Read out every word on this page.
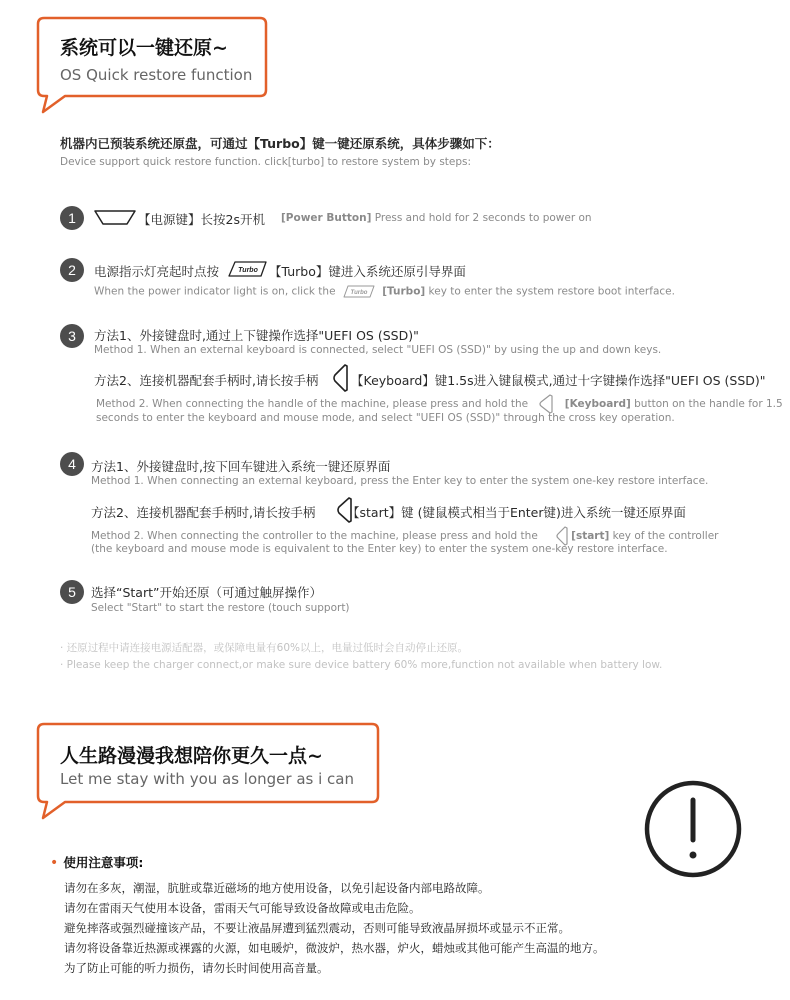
系统可以一键还原~
OS Quick restore function
机器内已预装系统还原盘，可通过【Turbo】键一键还原系统，具体步骤如下：
Device support quick restore function. click[turbo] to restore system by steps:
1	【电源键】长按2s开机 [Power Button] Press and hold for 2 seconds to power on
2	电源指示灯亮起时点按	Turbo 【Turbo】键进入系统还原引导界面
When the power indicator light is on, click the Turbo [Turbo] key to enter the system restore boot interface.
3	方法1、外接键盘时,通过上下键操作选择"UEFI OS (SSD)"
Method 1. When an external keyboard is connected, select "UEFI OS (SSD)" by using the up and down keys.
方法2、连接机器配套手柄时,请长按手柄	【Keyboard】键1.5s进入键鼠模式,通过十字键操作选择"UEFI OS (SSD)"
Method 2. When connecting the handle of the machine, please press and hold the	[Keyboard] button on the handle for 1.5
seconds to enter the keyboard and mouse mode, and select "UEFI OS (SSD)" through the cross key operation.
4	方法1、外接键盘时,按下回车键进入系统一键还原界面
Method 1. When connecting an external keyboard, press the Enter key to enter the system one-key restore interface.
方法2、连接机器配套手柄时,请长按手柄	【start】键 (键鼠模式相当于Enter键)进入系统一键还原界面
Method 2. When connecting the controller to the machine, please press and hold the	[start] key of the controller
(the keyboard and mouse mode is equivalent to the Enter key) to enter the system one-key restore interface.
5	选择“Start”开始还原（可通过触屏操作）
Select "Start" to start the restore (touch support)
· 还原过程中请连接电源适配器，或保障电量有60%以上，电量过低时会自动停止还原。
· Please keep the charger connect,or make sure device battery 60% more,function not available when battery low.
人生路漫漫我想陪你更久一点~
Let me stay with you as longer as i can
• 使用注意事项:
请勿在多灰，潮湿，肮脏或靠近磁场的地方使用设备，以免引起设备内部电路故障。
请勿在雷雨天气使用本设备，雷雨天气可能导致设备故障或电击危险。
避免摔落或强烈碰撞该产品，不要让液晶屏遭到猛烈震动，否则可能导致液晶屏损坏或显示不正常。
请勿将设备靠近热源或裸露的火源，如电暖炉，微波炉，热水器，炉火，蜡烛或其他可能产生高温的地方。
为了防止可能的听力损伤，请勿长时间使用高音量。
